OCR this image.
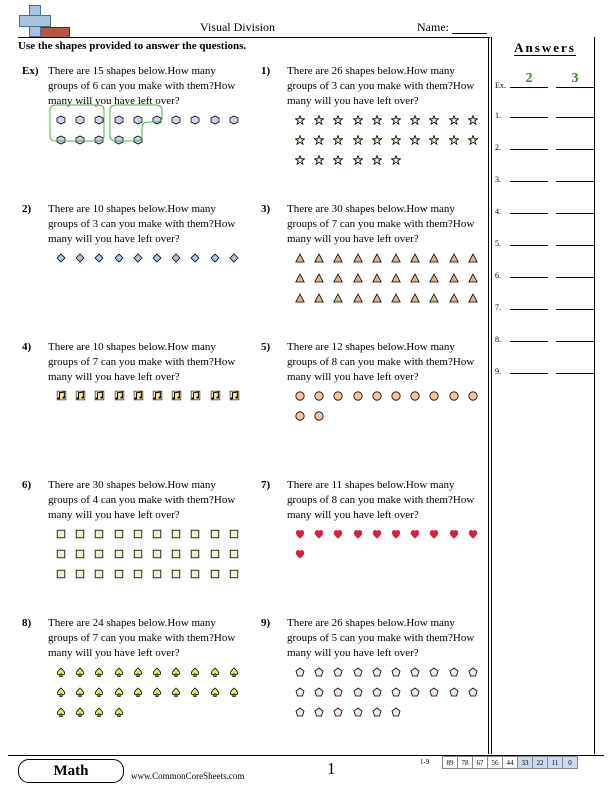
Visual Division	Name:
Use the shapes provided to answer the questions.	Answers
Ex.	2	3
1.
2.
3.
4.
5.
6.
7.
8.
9.
Ex) There are 15 shapes below.How many groups of 6 can you make with them?How many will you have left over?
1) There are 26 shapes below.How many groups of 3 can you make with them?How many will you have left over?
2) There are 10 shapes below.How many groups of 3 can you make with them?How many will you have left over?
3) There are 30 shapes below.How many groups of 7 can you make with them?How many will you have left over?
4) There are 10 shapes below.How many groups of 7 can you make with them?How many will you have left over?
5) There are 12 shapes below.How many groups of 8 can you make with them?How many will you have left over?
6) There are 30 shapes below.How many groups of 4 can you make with them?How many will you have left over?
7) There are 11 shapes below.How many groups of 8 can you make with them?How many will you have left over?
8) There are 24 shapes below.How many groups of 7 can you make with them?How many will you have left over?
9) There are 26 shapes below.How many groups of 5 can you make with them?How many will you have left over?
Math	www.CommonCoreSheets.com	1	1-9 89	78	67	56	44	33	22	11	0
